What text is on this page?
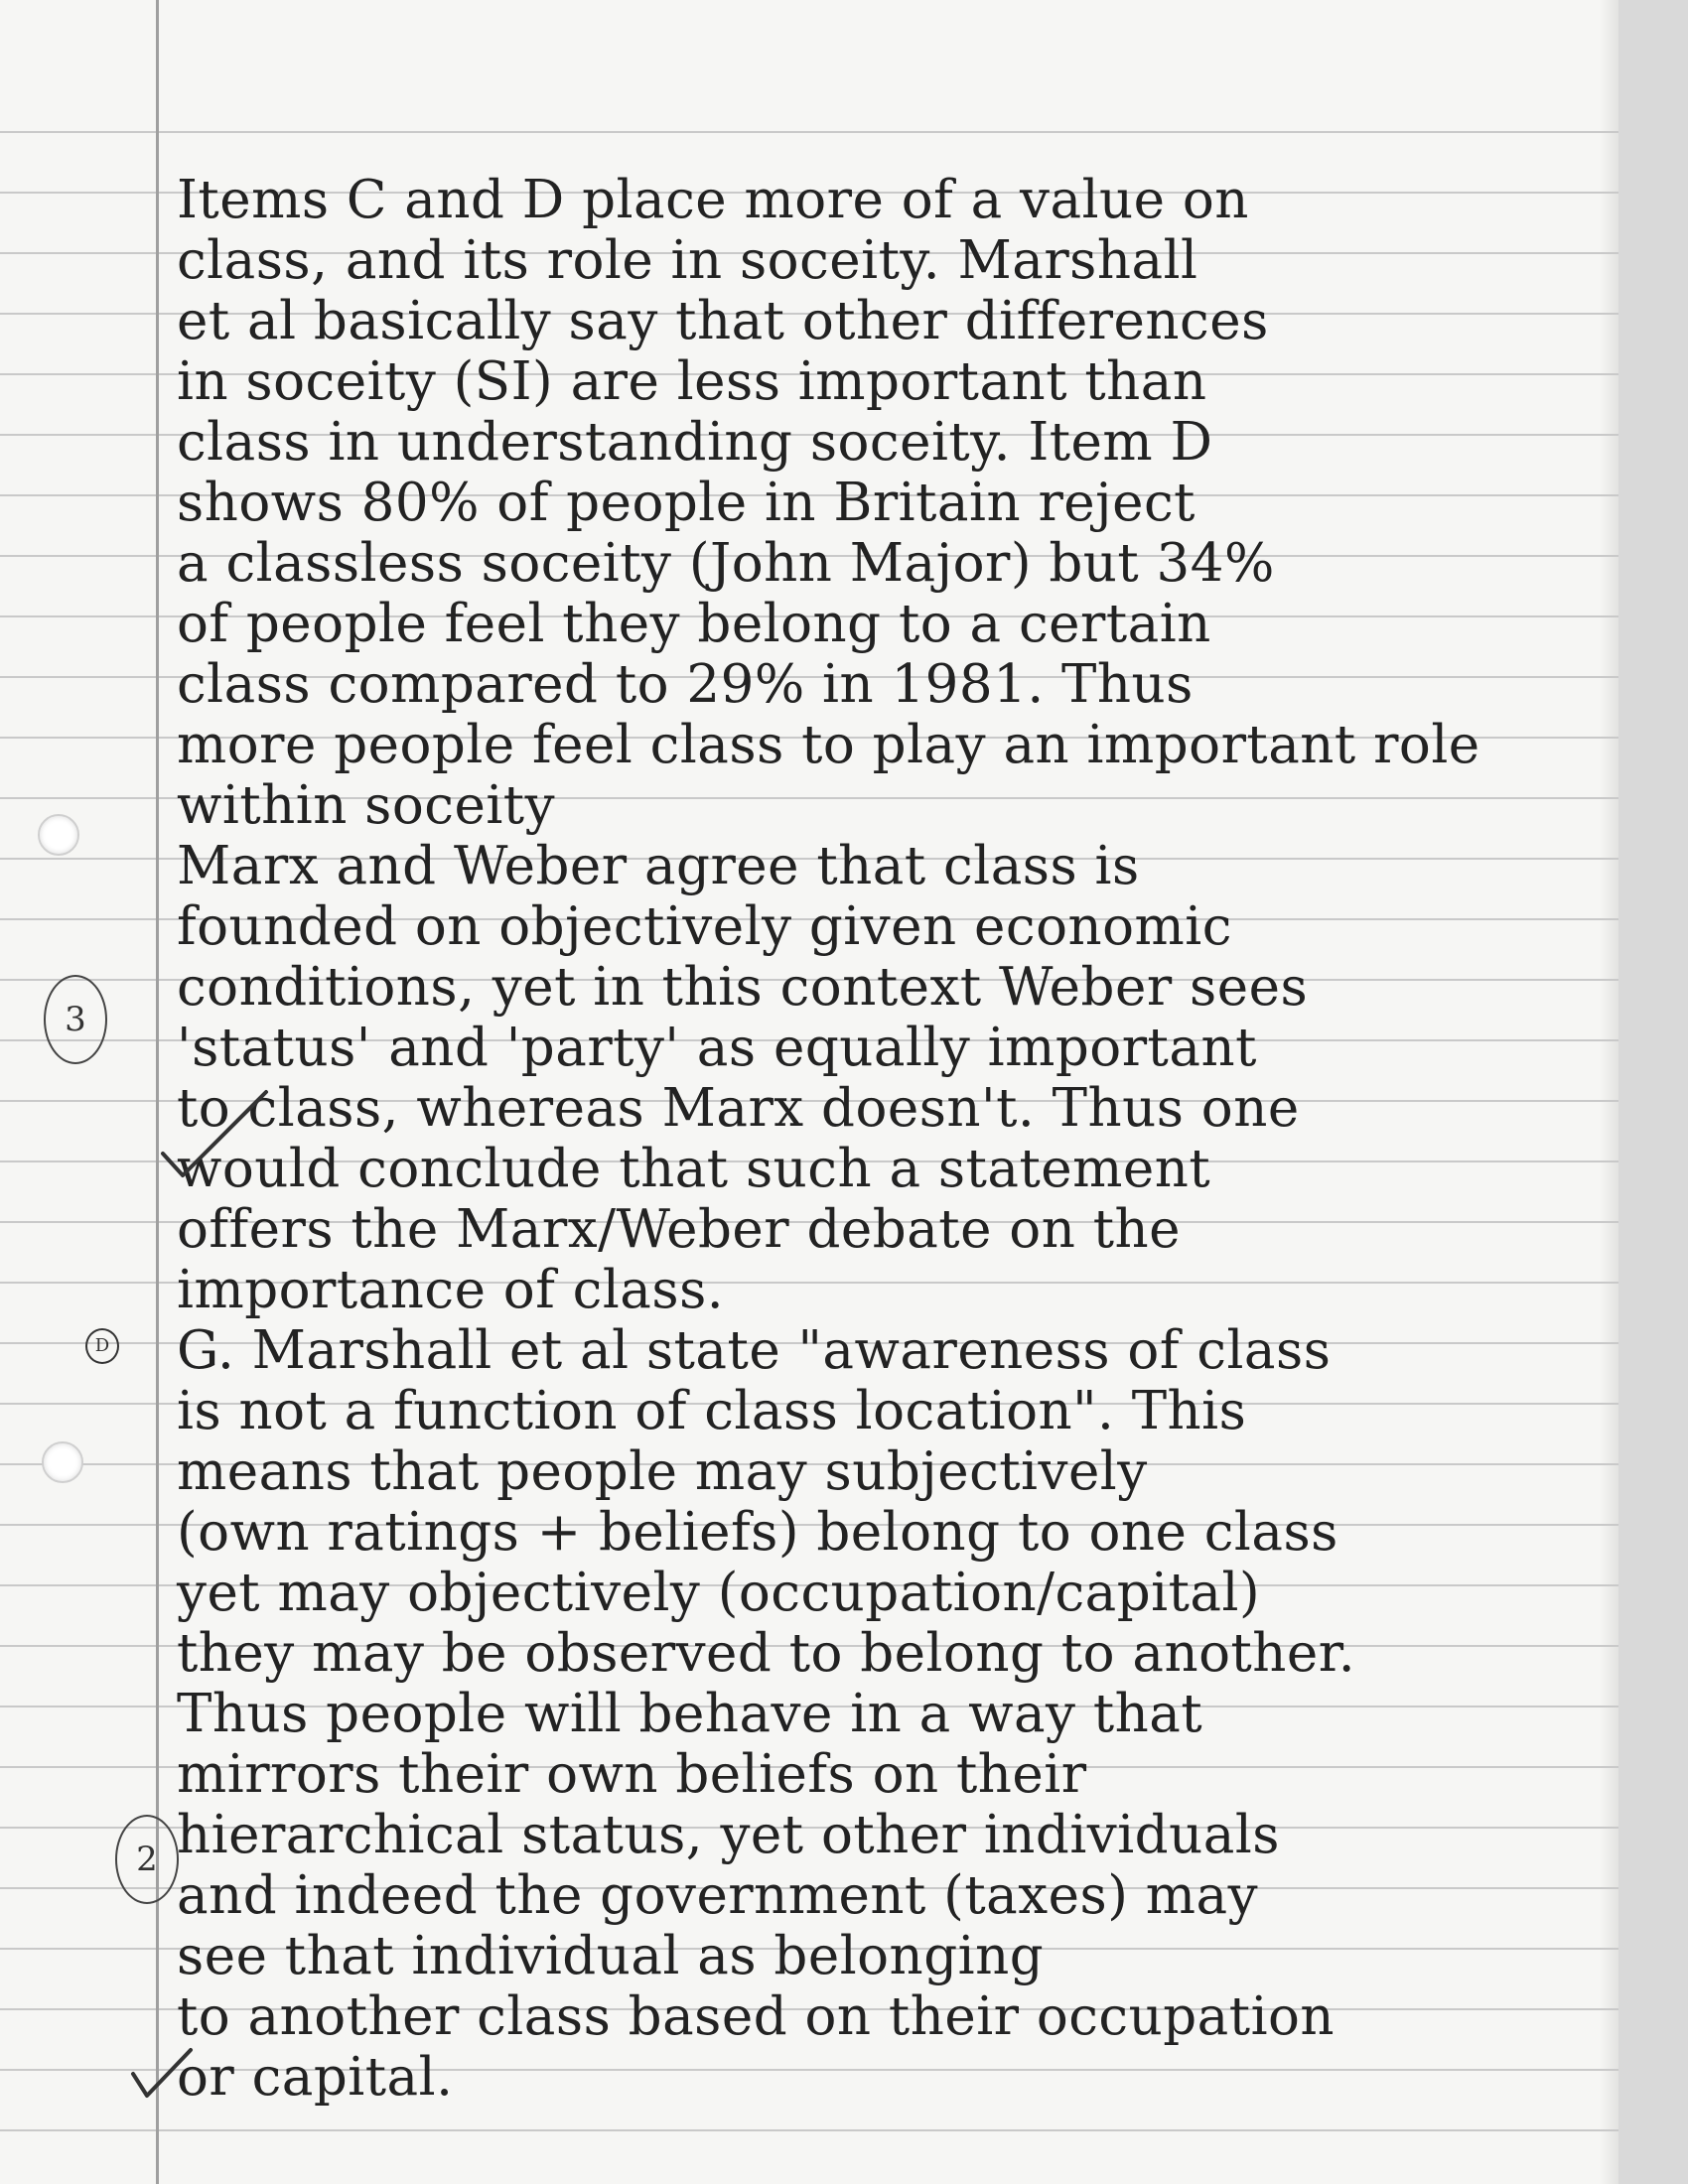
Items C and D place more of a value on
class, and its role in soceity. Marshall
et al basically say that other differences
in soceity (SI) are less important than
class in understanding soceity. Item D
shows 80% of people in Britain reject
a classless soceity (John Major) but 34%
of people feel they belong to a certain
class compared to 29% in 1981. Thus
more people feel class to play an important role
within soceity
Marx and Weber agree that class is
founded on objectively given economic
conditions, yet in this context Weber sees
'status' and 'party' as equally important
to class, whereas Marx doesn't. Thus one
would conclude that such a statement
offers the Marx/Weber debate on the
importance of class.
G. Marshall et al state "awareness of class
is not a function of class location". This
means that people may subjectively
(own ratings + beliefs) belong to one class
yet may objectively (occupation/capital)
they may be observed to belong to another.
Thus people will behave in a way that
mirrors their own beliefs on their
hierarchical status, yet other individuals
and indeed the government (taxes) may
see that individual as belonging
to another class based on their occupation
or capital.
3
D
2
